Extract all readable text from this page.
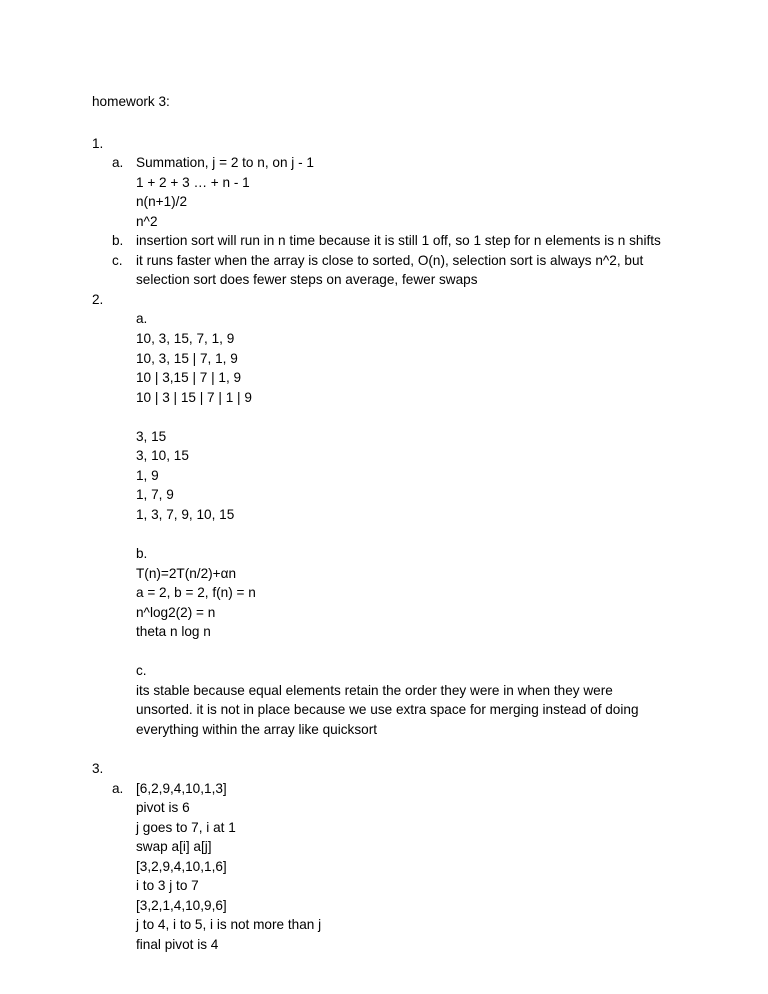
homework 3:
1.
a. Summation, j = 2 to n, on j - 1
1 + 2 + 3 … + n - 1
n(n+1)/2
n^2
b. insertion sort will run in n time because it is still 1 off, so 1 step for n elements is n shifts
c. it runs faster when the array is close to sorted, O(n), selection sort is always n^2, but
selection sort does fewer steps on average, fewer swaps
2.
a.
10, 3, 15, 7, 1, 9
10, 3, 15 | 7, 1, 9
10 | 3,15 | 7 | 1, 9
10 | 3 | 15 | 7 | 1 | 9
3, 15
3, 10, 15
1, 9
1, 7, 9
1, 3, 7, 9, 10, 15
b.
T(n)=2T(n/2)+αn
a = 2, b = 2, f(n) = n
n^log2(2) = n
theta n log n
c.
its stable because equal elements retain the order they were in when they were
unsorted. it is not in place because we use extra space for merging instead of doing
everything within the array like quicksort
3.
a. [6,2,9,4,10,1,3]
pivot is 6
j goes to 7, i at 1
swap a[i] a[j]
[3,2,9,4,10,1,6]
i to 3 j to 7
[3,2,1,4,10,9,6]
j to 4, i to 5, i is not more than j
final pivot is 4
